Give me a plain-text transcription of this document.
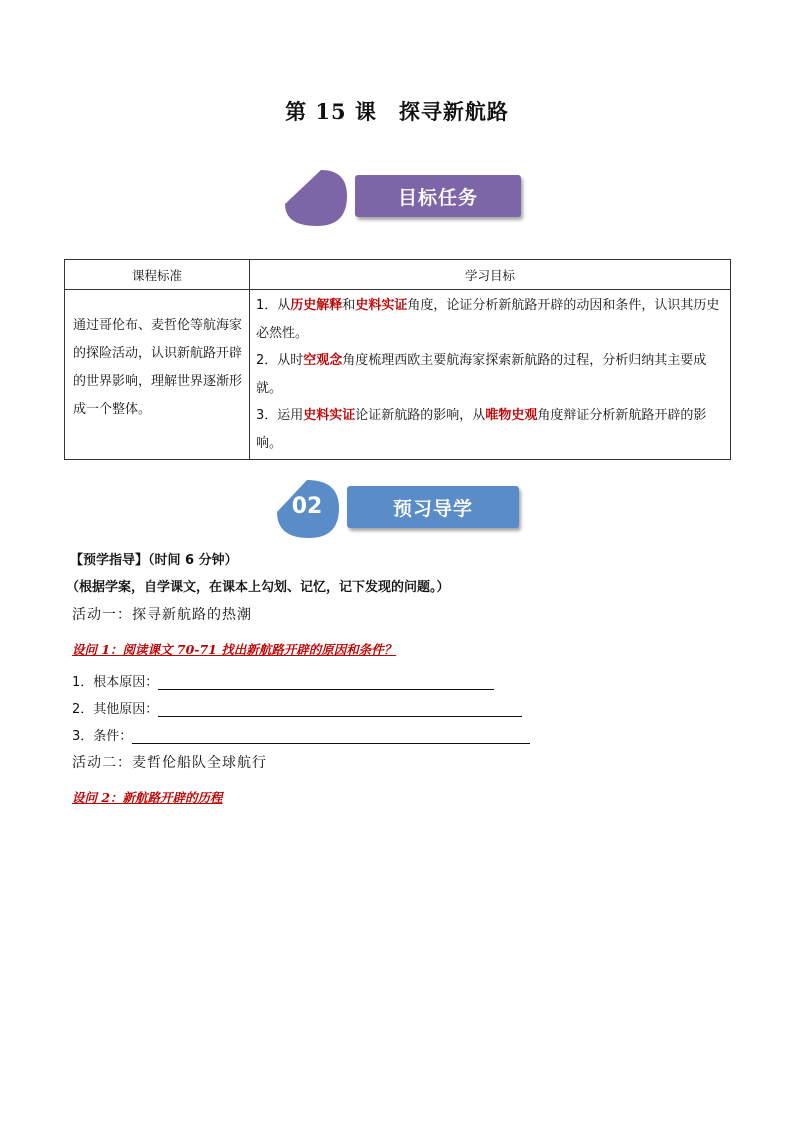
第 15 课 探寻新航路
目标任务
课程标准	学习目标
通过哥伦布、麦哲伦等航海家的探险活动，认识新航路开辟的世界影响，理解世界逐渐形成一个整体。	1．从历史解释和史料实证角度，论证分析新航路开辟的动因和条件，认识其历史必然性。
2．从时空观念角度梳理西欧主要航海家探索新航路的过程，分析归纳其主要成就。
3．运用史料实证论证新航路的影响，从唯物史观角度辩证分析新航路开辟的影响。
02	预习导学
【预学指导】（时间 6 分钟）
（根据学案，自学课文，在课本上勾划、记忆，记下发现的问题。）
活动一：探寻新航路的热潮
设问 1：阅读课文 70-71 找出新航路开辟的原因和条件？
1．根本原因：
2．其他原因：
3．条件：
活动二：麦哲伦船队全球航行
设问 2：新航路开辟的历程
